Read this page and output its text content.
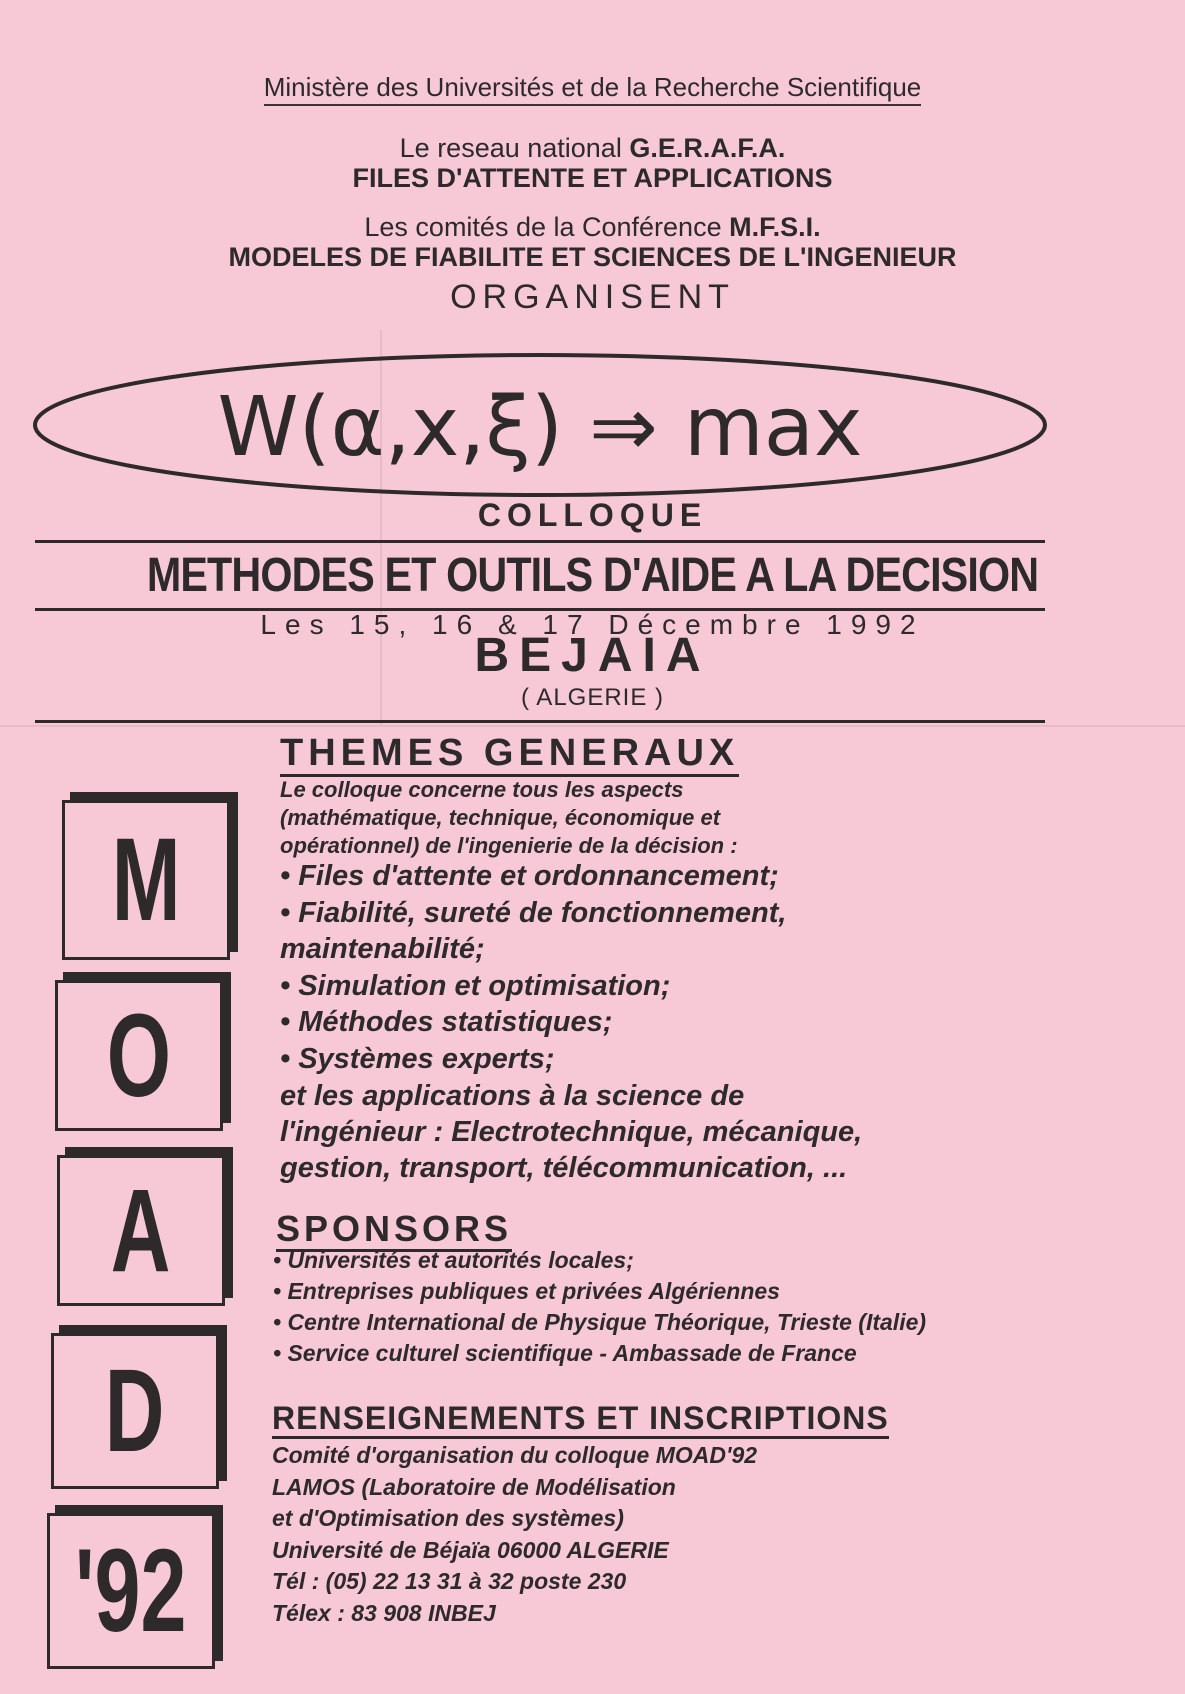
Ministère des Universités et de la Recherche Scientifique
Le reseau national G.E.R.A.F.A.
FILES D'ATTENTE ET APPLICATIONS
Les comités de la Conférence M.F.S.I.
MODELES DE FIABILITE ET SCIENCES DE L'INGENIEUR
ORGANISENT
W(α,x,ξ) ⇒ max
COLLOQUE
METHODES ET OUTILS D'AIDE A LA DECISION
Les 15, 16 & 17 Décembre 1992
BEJAIA
( ALGERIE )
M
O
A
D
'92
THEMES GENERAUX
Le colloque concerne tous les aspects
(mathématique, technique, économique et
opérationnel) de l'ingenierie de la décision :
• Files d'attente et ordonnancement;
• Fiabilité, sureté de fonctionnement,
maintenabilité;
• Simulation et optimisation;
• Méthodes statistiques;
• Systèmes experts;
et les applications à la science de
l'ingénieur : Electrotechnique, mécanique,
gestion, transport, télécommunication, ...
SPONSORS
• Universités et autorités locales;
• Entreprises publiques et privées Algériennes
• Centre International de Physique Théorique, Trieste (Italie)
• Service culturel scientifique - Ambassade de France
RENSEIGNEMENTS ET INSCRIPTIONS
Comité d'organisation du colloque MOAD'92
LAMOS (Laboratoire de Modélisation
et d'Optimisation des systèmes)
Université de Béjaïa 06000 ALGERIE
Tél : (05) 22 13 31 à 32 poste 230
Télex : 83 908 INBEJ
